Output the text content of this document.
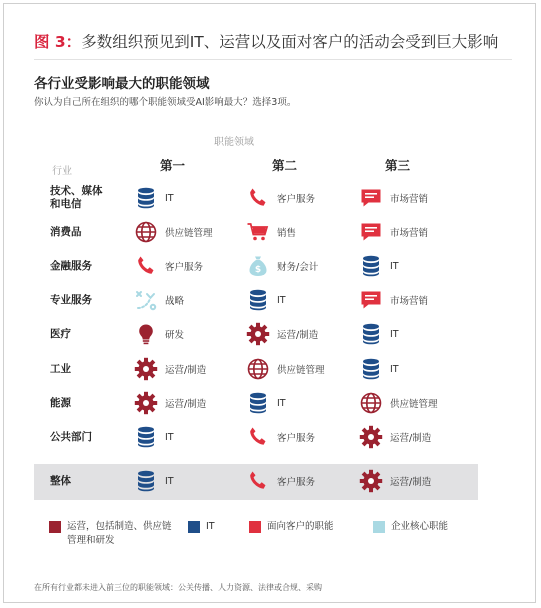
图 3：多数组织预见到IT、运营以及面对客户的活动会受到巨大影响
各行业受影响最大的职能领域
你认为自己所在组织的哪个职能领域受AI影响最大？选择3项。
职能领域
第一	第二	第三
行业
技术、媒体和电信	IT	客户服务	市场营销
消费品	供应链管理	销售	市场营销
金融服务	客户服务	$ 财务/会计	IT
专业服务	战略	IT	市场营销
医疗	研发	运营/制造	IT
工业	运营/制造	供应链管理	IT
能源	运营/制造	IT	供应链管理
公共部门	IT	客户服务	运营/制造
整体	IT	客户服务	运营/制造
运营，包括制造、供应链管理和研发
IT	面向客户的职能	企业核心职能
在所有行业都未进入前三位的职能领域：公关传播、人力资源、法律或合规、采购
